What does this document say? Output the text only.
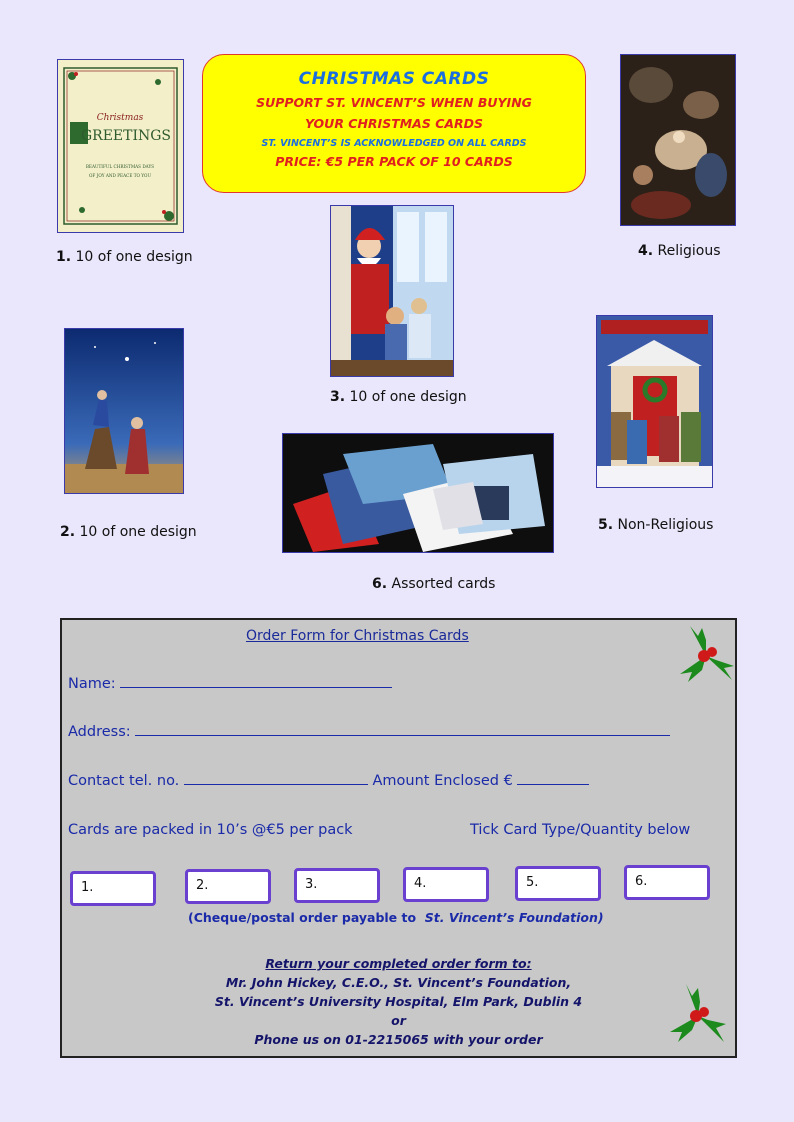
CHRISTMAS CARDS
SUPPORT ST. VINCENT’S WHEN BUYING
YOUR CHRISTMAS CARDS
ST. VINCENT’S IS ACKNOWLEDGED ON ALL CARDS
PRICE: €5 PER PACK OF 10 CARDS
Christmas
GREETINGS
BEAUTIFUL CHRISTMAS DAYS
OF JOY AND PEACE TO YOU
1. 10 of one design
2. 10 of one design
3. 10 of one design
4. Religious
5. Non-Religious
6. Assorted cards
Order Form for Christmas Cards
Name:
Address:
Contact tel. no.	Amount Enclosed €
Cards are packed in 10’s @€5 per pack	Tick Card Type/Quantity below
1.	2.	3.	4.	5.	6.
(Cheque/postal order payable to St. Vincent’s Foundation)
Return your completed order form to:
Mr. John Hickey, C.E.O., St. Vincent’s Foundation,
St. Vincent’s University Hospital, Elm Park, Dublin 4
or
Phone us on 01-2215065 with your order
